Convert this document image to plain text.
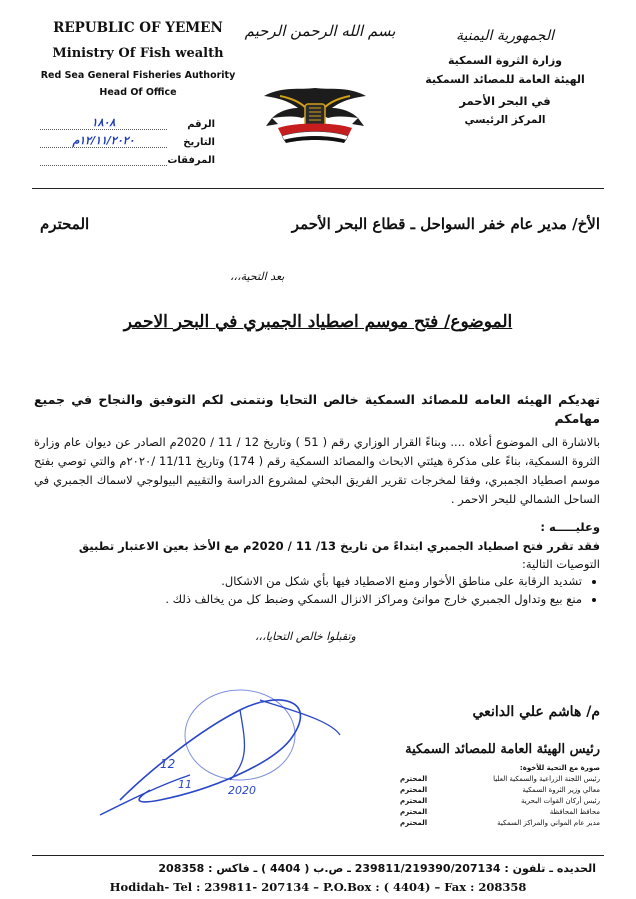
REPUBLIC OF YEMEN
Ministry Of Fish wealth
Red Sea General Fisheries Authority
Head Of Office
بسم الله الرحمن الرحيم	الجمهورية اليمنية
وزارة الثروة السمكية
الهيئة العامة للمصائد السمكية
في البحر الأحمر
المركز الرئيسي
الرقم
١٨٠٨
التاريخ
١٢/١١/٢٠٢٠م
المرفقات
الأخ/ مدير عام خفر السواحل ـ قطاع البحر الأحمر
المحترم
بعد التحية،،،
الموضوع/ فتح موسم اصطياد الجمبري في البحر الاحمر
تهديكم الهيئه العامه للمصائد السمكية خالص التحايا ونتمنى لكم التوفيق والنجاح في جميع مهامكم
بالاشارة الى الموضوع أعلاه .... وبناءً القرار الوزاري رقم ( 51 ) وتاريخ 12 / 11 / 2020م الصادر عن ديوان عام وزارة الثروة السمكية، بناءً على مذكرة هيئتي الابحاث والمصائد السمكية رقم ( 174) وتاريخ 11/11 /٢٠٢٠م والتي توصي بفتح موسم اصطياد الجمبري، وفقا لمخرجات تقرير الفريق البحثي لمشروع الدراسة والتقييم البيولوجي لاسماك الجمبري في الساحل الشمالي للبحر الاحمر .
وعليـــــه :
فقد تقرر فتح اصطياد الجمبري ابتداءً من تاريخ 13/ 11 / 2020م مع الأخذ بعين الاعتبار تطبيق
التوصيات التالية:
• تشديد الرقابة على مناطق الأخوار ومنع الاصطياد فيها بأي شكل من الاشكال.
• منع بيع وتداول الجمبري خارج موانئ ومراكز الانزال السمكي وضبط كل من يخالف ذلك .
وتقبلوا خالص التحايا،،،
12
11	2020
م/ هاشم علي الدانعي
رئيس الهيئة العامة للمصائد السمكية
صورة مع التحية للأخوة:
رئيس اللجنة الزراعية والسمكية العليا
المحترم
معالي وزير الثروة السمكية
المحترم
رئيس أركان القوات البحرية
المحترم
محافظ المحافظة
المحترم
مدير عام المواني والمراكز السمكية
المحترم
الحديده ـ تلفون : 239811/219390/207134 ـ ص.ب ( 4404 ) ـ فاكس : 208358
Hodidah- Tel : 239811- 207134 – P.O.Box : ( 4404) – Fax : 208358
